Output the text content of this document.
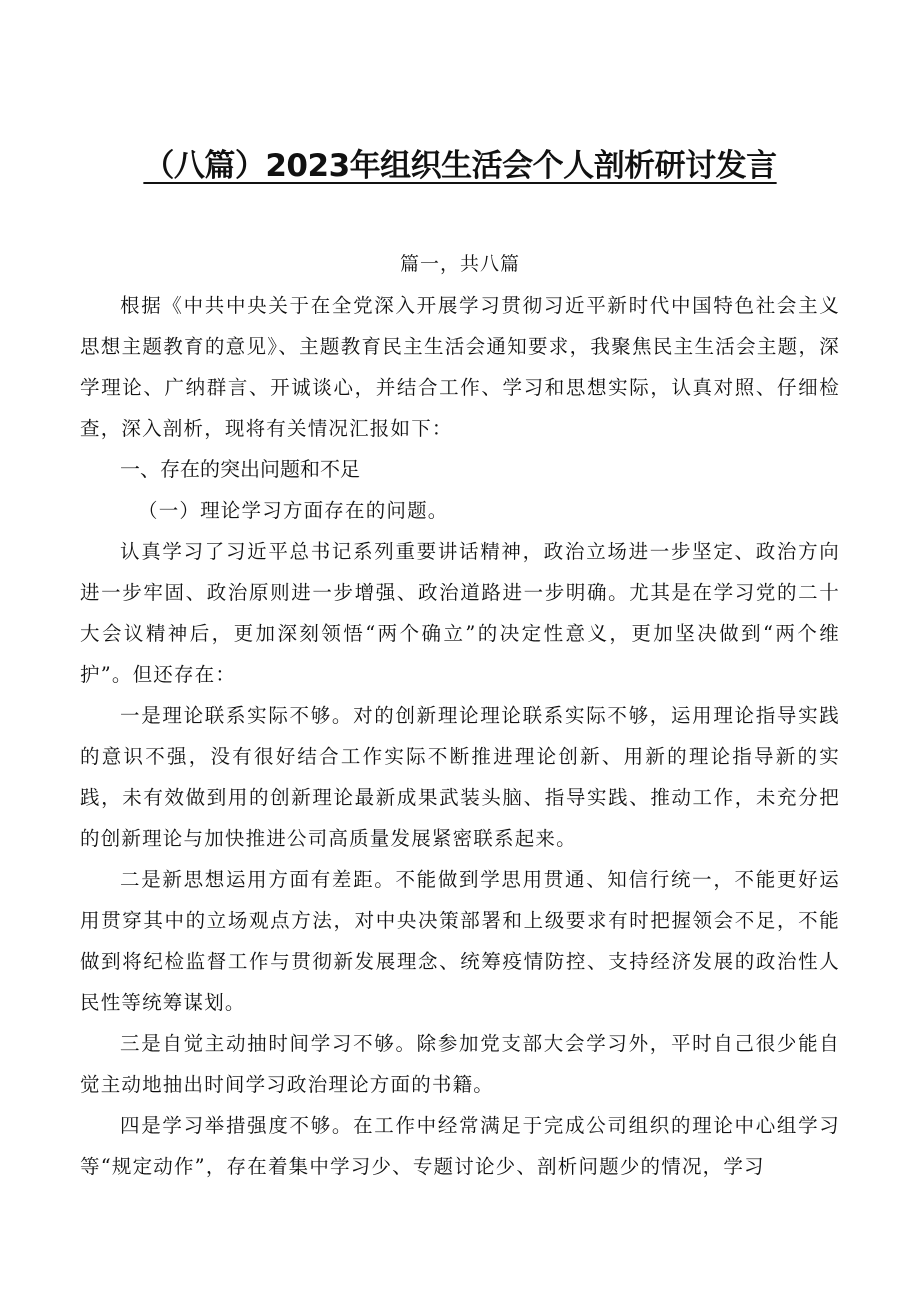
（八篇）2023年组织生活会个人剖析研讨发言
篇一，共八篇

根据《中共中央关于在全党深入开展学习贯彻习近平新时代中国特色社会主义思想主题教育的意见》、主题教育民主生活会通知要求，我聚焦民主生活会主题，深学理论、广纳群言、开诚谈心，并结合工作、学习和思想实际，认真对照、仔细检查，深入剖析，现将有关情况汇报如下：

一、存在的突出问题和不足

（一）理论学习方面存在的问题。

认真学习了习近平总书记系列重要讲话精神，政治立场进一步坚定、政治方向进一步牢固、政治原则进一步增强、政治道路进一步明确。尤其是在学习党的二十大会议精神后，更加深刻领悟“两个确立”的决定性意义，更加坚决做到“两个维护”。但还存在：

一是理论联系实际不够。对的创新理论理论联系实际不够，运用理论指导实践的意识不强，没有很好结合工作实际不断推进理论创新、用新的理论指导新的实践，未有效做到用的创新理论最新成果武装头脑、指导实践、推动工作，未充分把的创新理论与加快推进公司高质量发展紧密联系起来。

二是新思想运用方面有差距。不能做到学思用贯通、知信行统一，不能更好运用贯穿其中的立场观点方法，对中央决策部署和上级要求有时把握领会不足，不能做到将纪检监督工作与贯彻新发展理念、统筹疫情防控、支持经济发展的政治性人民性等统筹谋划。

三是自觉主动抽时间学习不够。除参加党支部大会学习外，平时自己很少能自觉主动地抽出时间学习政治理论方面的书籍。

四是学习举措强度不够。在工作中经常满足于完成公司组织的理论中心组学习等“规定动作”，存在着集中学习少、专题讨论少、剖析问题少的情况，学习
